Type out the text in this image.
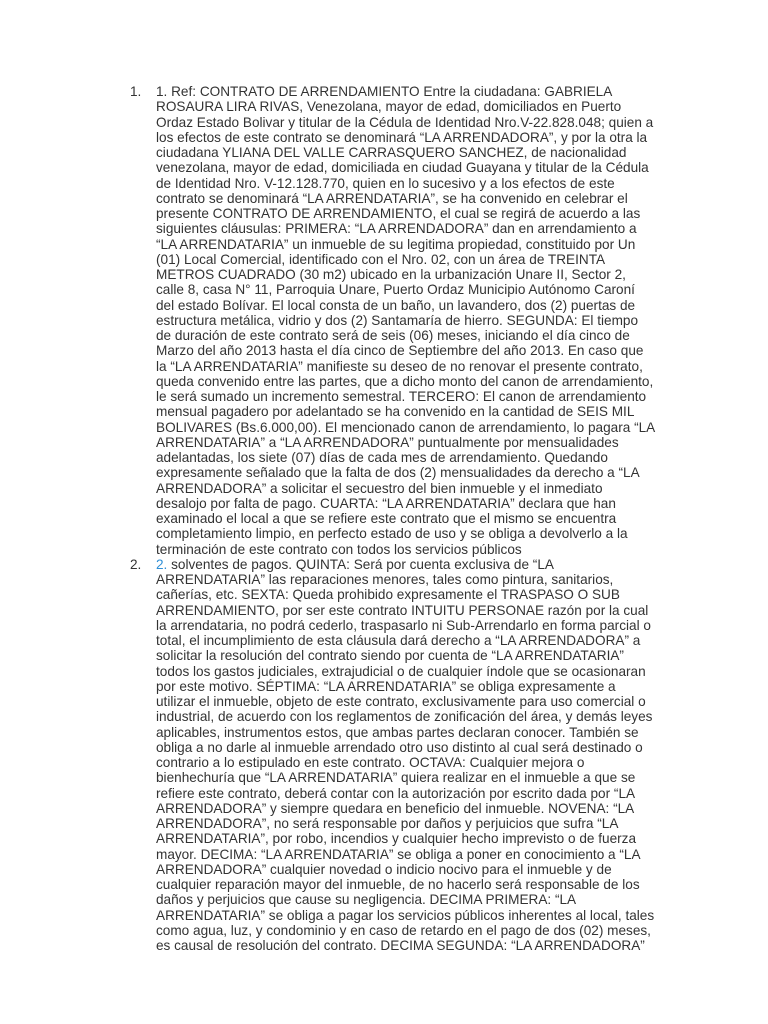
1.	1. Ref: CONTRATO DE ARRENDAMIENTO Entre la ciudadana: GABRIELA ROSAURA LIRA RIVAS, Venezolana, mayor de edad, domiciliados en Puerto Ordaz Estado Bolivar y titular de la Cédula de Identidad Nro.V-22.828.048; quien a los efectos de este contrato se denominará “LA ARRENDADORA”, y por la otra la ciudadana YLIANA DEL VALLE CARRASQUERO SANCHEZ, de nacionalidad venezolana, mayor de edad, domiciliada en ciudad Guayana y titular de la Cédula de Identidad Nro. V-12.128.770, quien en lo sucesivo y a los efectos de este contrato se denominará “LA ARRENDATARIA”, se ha convenido en celebrar el presente CONTRATO DE ARRENDAMIENTO, el cual se regirá de acuerdo a las siguientes cláusulas: PRIMERA: “LA ARRENDADORA” dan en arrendamiento a “LA ARRENDATARIA” un inmueble de su legitima propiedad, constituido por Un (01) Local Comercial, identificado con el Nro. 02, con un área de TREINTA METROS CUADRADO (30 m2) ubicado en la urbanización Unare II, Sector 2, calle 8, casa N° 11, Parroquia Unare, Puerto Ordaz Municipio Autónomo Caroní del estado Bolívar. El local consta de un baño, un lavandero, dos (2) puertas de estructura metálica, vidrio y dos (2) Santamaría de hierro. SEGUNDA: El tiempo de duración de este contrato será de seis (06) meses, iniciando el día cinco de Marzo del año 2013 hasta el día cinco de Septiembre del año 2013. En caso que la “LA ARRENDATARIA” manifieste su deseo de no renovar el presente contrato, queda convenido entre las partes, que a dicho monto del canon de arrendamiento, le será sumado un incremento semestral. TERCERO: El canon de arrendamiento mensual pagadero por adelantado se ha convenido en la cantidad de SEIS MIL BOLIVARES (Bs.6.000,00). El mencionado canon de arrendamiento, lo pagara “LA ARRENDATARIA” a “LA ARRENDADORA” puntualmente por mensualidades adelantadas, los siete (07) días de cada mes de arrendamiento. Quedando expresamente señalado que la falta de dos (2) mensualidades da derecho a “LA ARRENDADORA” a solicitar el secuestro del bien inmueble y el inmediato desalojo por falta de pago. CUARTA: “LA ARRENDATARIA” declara que han examinado el local a que se refiere este contrato que el mismo se encuentra completamiento limpio, en perfecto estado de uso y se obliga a devolverlo a la terminación de este contrato con todos los servicios públicos
2.	2. solventes de pagos. QUINTA: Será por cuenta exclusiva de “LA ARRENDATARIA” las reparaciones menores, tales como pintura, sanitarios, cañerías, etc. SEXTA: Queda prohibido expresamente el TRASPASO O SUB ARRENDAMIENTO, por ser este contrato INTUITU PERSONAE razón por la cual la arrendataria, no podrá cederlo, traspasarlo ni Sub-Arrendarlo en forma parcial o total, el incumplimiento de esta cláusula dará derecho a “LA ARRENDADORA” a solicitar la resolución del contrato siendo por cuenta de “LA ARRENDATARIA” todos los gastos judiciales, extrajudicial o de cualquier índole que se ocasionaran por este motivo. SÉPTIMA: “LA ARRENDATARIA” se obliga expresamente a utilizar el inmueble, objeto de este contrato, exclusivamente para uso comercial o industrial, de acuerdo con los reglamentos de zonificación del área, y demás leyes aplicables, instrumentos estos, que ambas partes declaran conocer. También se obliga a no darle al inmueble arrendado otro uso distinto al cual será destinado o contrario a lo estipulado en este contrato. OCTAVA: Cualquier mejora o bienhechuría que “LA ARRENDATARIA” quiera realizar en el inmueble a que se refiere este contrato, deberá contar con la autorización por escrito dada por “LA ARRENDADORA” y siempre quedara en beneficio del inmueble. NOVENA: “LA ARRENDADORA”, no será responsable por daños y perjuicios que sufra “LA ARRENDATARIA”, por robo, incendios y cualquier hecho imprevisto o de fuerza mayor. DECIMA: “LA ARRENDATARIA” se obliga a poner en conocimiento a “LA ARRENDADORA” cualquier novedad o indicio nocivo para el inmueble y de cualquier reparación mayor del inmueble, de no hacerlo será responsable de los daños y perjuicios que cause su negligencia. DECIMA PRIMERA: “LA ARRENDATARIA” se obliga a pagar los servicios públicos inherentes al local, tales como agua, luz, y condominio y en caso de retardo en el pago de dos (02) meses, es causal de resolución del contrato. DECIMA SEGUNDA: “LA ARRENDADORA”
